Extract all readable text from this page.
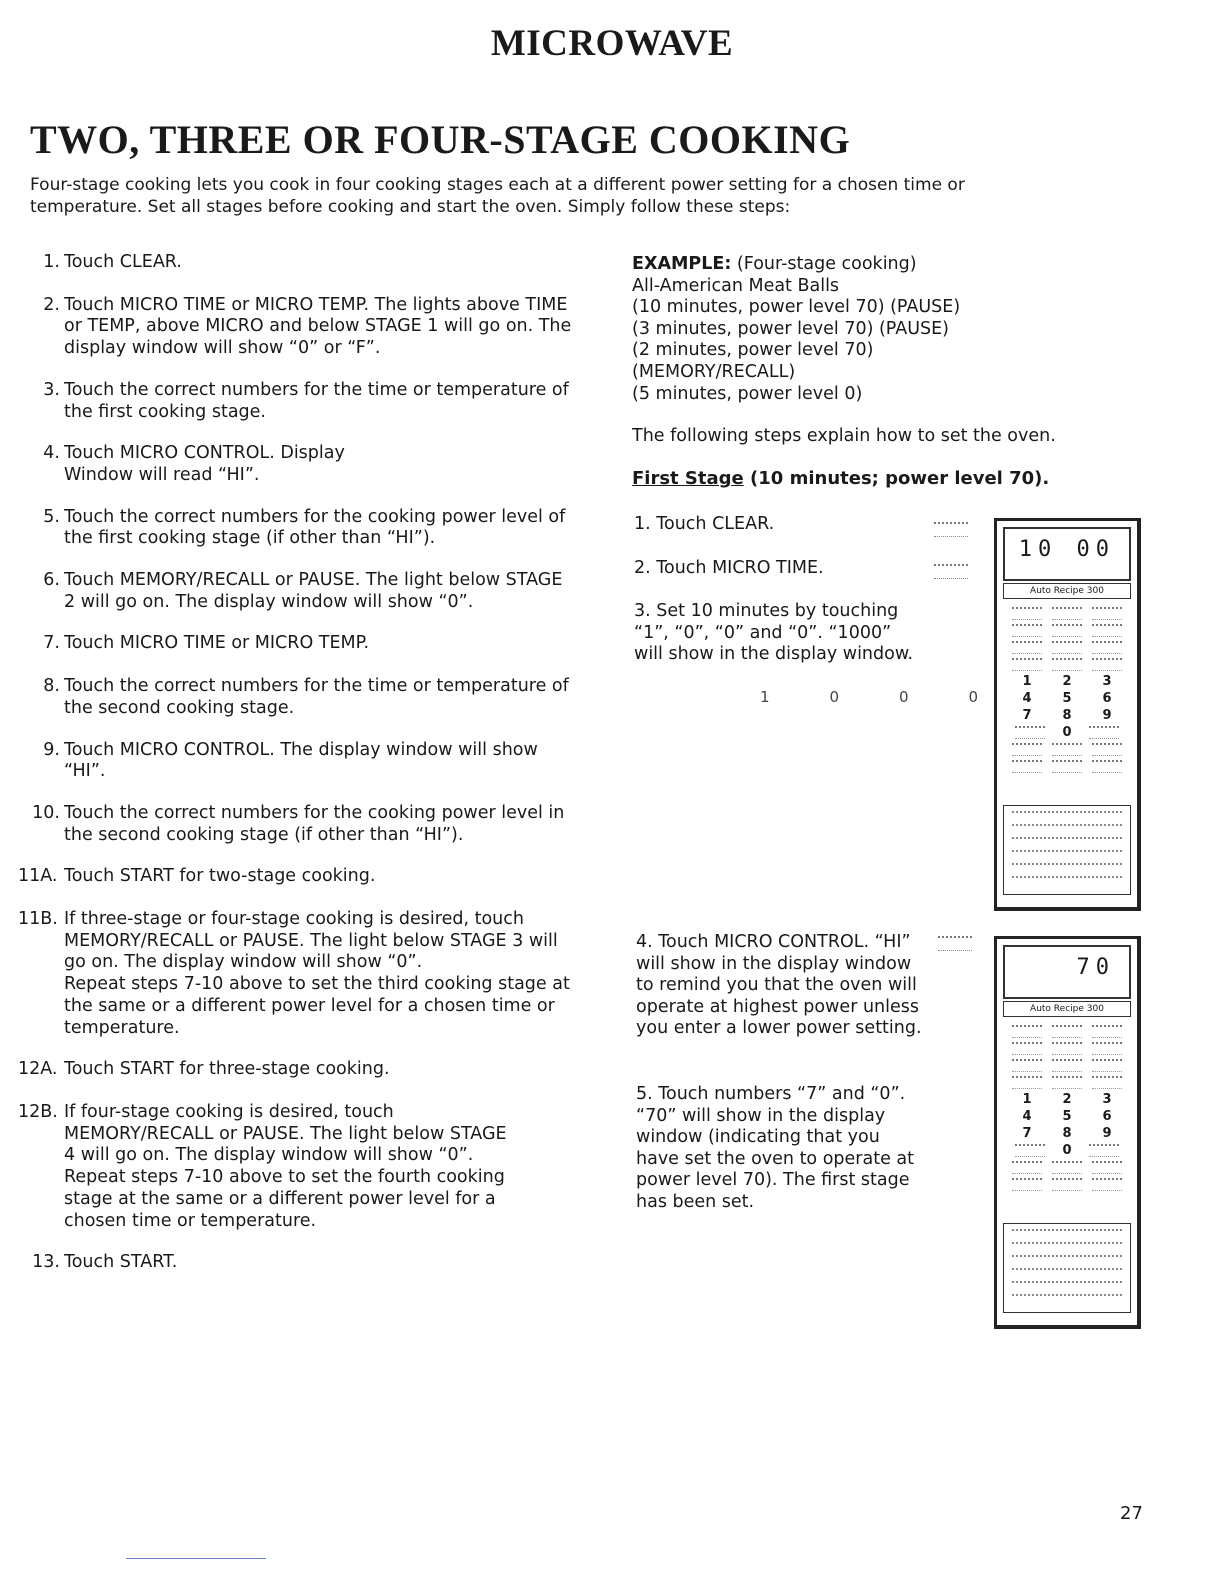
MICROWAVE
TWO, THREE OR FOUR-STAGE COOKING
Four-stage cooking lets you cook in four cooking stages each at a different power setting for a chosen time or temperature. Set all stages before cooking and start the oven. Simply follow these steps:
1. Touch CLEAR.
2. Touch MICRO TIME or MICRO TEMP. The lights above TIME or TEMP, above MICRO and below STAGE 1 will go on. The display window will show “0” or “F”.
3. Touch the correct numbers for the time or temperature of the first cooking stage.
4. Touch MICRO CONTROL. Display Window will read “HI”.
5. Touch the correct numbers for the cooking power level of the first cooking stage (if other than “HI”).
6. Touch MEMORY/RECALL or PAUSE. The light below STAGE 2 will go on. The display window will show “0”.
7. Touch MICRO TIME or MICRO TEMP.
8. Touch the correct numbers for the time or temperature of the second cooking stage.
9. Touch MICRO CONTROL. The display window will show “HI”.
10. Touch the correct numbers for the cooking power level in the second cooking stage (if other than “HI”).
11A. Touch START for two-stage cooking.
11B. If three-stage or four-stage cooking is desired, touch MEMORY/RECALL or PAUSE. The light below STAGE 3 will go on. The display window will show “0”.
Repeat steps 7-10 above to set the third cooking stage at the same or a different power level for a chosen time or temperature.
12A. Touch START for three-stage cooking.
12B. If four-stage cooking is desired, touch MEMORY/RECALL or PAUSE. The light below STAGE 4 will go on. The display window will show “0”.
Repeat steps 7-10 above to set the fourth cooking stage at the same or a different power level for a chosen time or temperature.
13. Touch START.
EXAMPLE: (Four-stage cooking)
All-American Meat Balls
(10 minutes, power level 70) (PAUSE)
(3 minutes, power level 70) (PAUSE)
(2 minutes, power level 70)
(MEMORY/RECALL)
(5 minutes, power level 0)
The following steps explain how to set the oven.
First Stage (10 minutes; power level 70).
1. Touch CLEAR.
2. Touch MICRO TIME.
3. Set 10 minutes by touching “1”, “0”, “0” and “0”. “1000” will show in the display window.
1	0	0	0
4. Touch MICRO CONTROL. “HI” will show in the display window to remind you that the oven will operate at highest power unless you enter a lower power setting.
5. Touch numbers “7” and “0”. “70” will show in the display window (indicating that you have set the oven to operate at power level 70). The first stage has been set.
10 00
Auto Recipe 300
1 2 3
4 5 6
7 8 9
0
70
Auto Recipe 300
1 2 3
4 5 6
7 8 9
0
27
